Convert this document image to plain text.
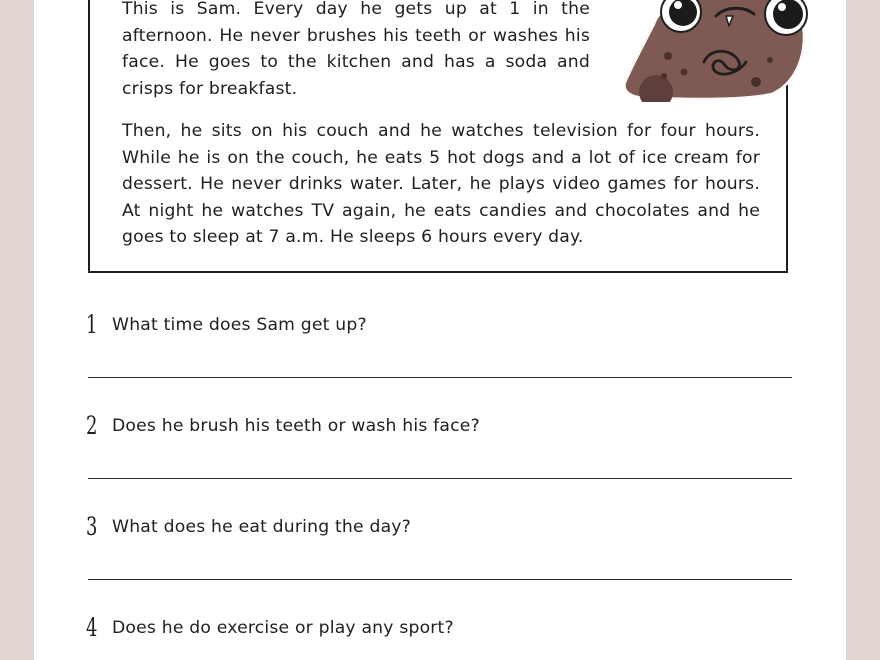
This is Sam. Every day he gets up at 1 in the afternoon. He never brushes his teeth or washes his face. He goes to the kitchen and has a soda and crisps for breakfast.

Then, he sits on his couch and he watches television for four hours. While he is on the couch, he eats 5 hot dogs and a lot of ice cream for dessert. He never drinks water. Later, he plays video games for hours. At night he watches TV again, he eats candies and chocolates and he goes to sleep at 7 a.m. He sleeps 6 hours every day.

1 What time does Sam get up?
2 Does he brush his teeth or wash his face?
3 What does he eat during the day?
4 Does he do exercise or play any sport?
